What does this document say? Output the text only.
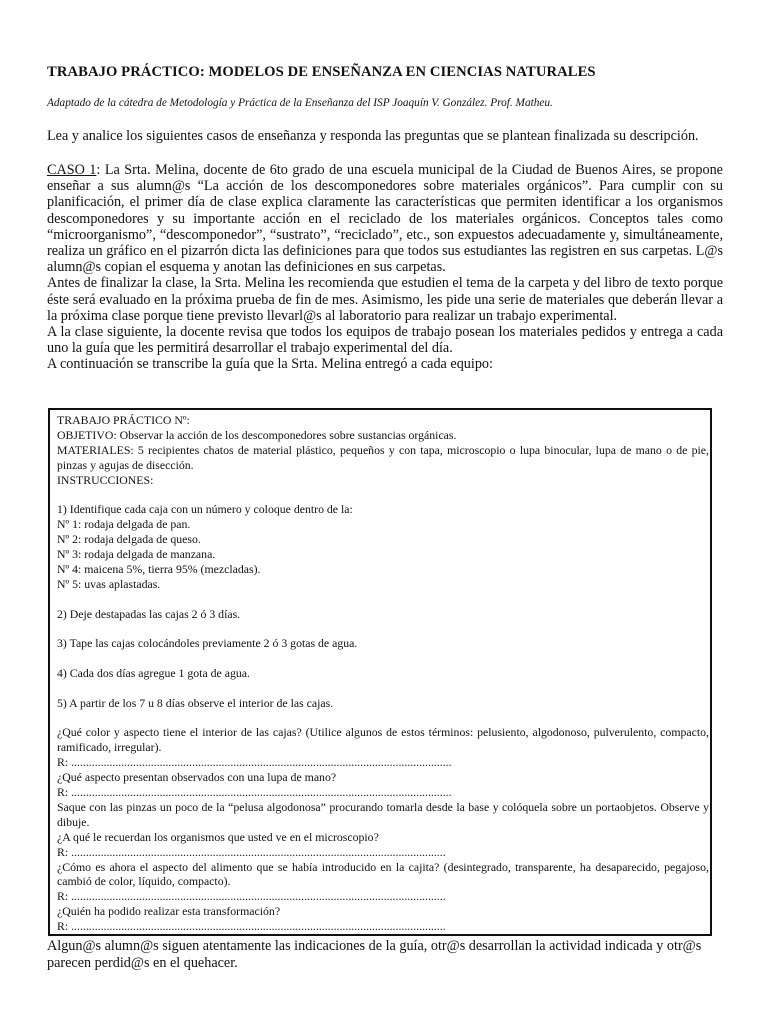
TRABAJO PRÁCTICO: MODELOS DE ENSEÑANZA EN CIENCIAS NATURALES
Adaptado de la cátedra de Metodología y Práctica de la Enseñanza del ISP Joaquín V. González. Prof. Matheu.
Lea y analice los siguientes casos de enseñanza y responda las preguntas que se plantean finalizada su descripción.

CASO 1: La Srta. Melina, docente de 6to grado de una escuela municipal de la Ciudad de Buenos Aires, se propone enseñar a sus alumn@s “La acción de los descomponedores sobre materiales orgánicos”. Para cumplir con su planificación, el primer día de clase explica claramente las características que permiten identificar a los organismos descomponedores y su importante acción en el reciclado de los materiales orgánicos. Conceptos tales como “microorganismo”, “descomponedor”, “sustrato”, “reciclado”, etc., son expuestos adecuadamente y, simultáneamente, realiza un gráfico en el pizarrón dicta las definiciones para que todos sus estudiantes las registren en sus carpetas. L@s alumn@s copian el esquema y anotan las definiciones en sus carpetas.

Antes de finalizar la clase, la Srta. Melina les recomienda que estudien el tema de la carpeta y del libro de texto porque éste será evaluado en la próxima prueba de fin de mes. Asimismo, les pide una serie de materiales que deberán llevar a la próxima clase porque tiene previsto llevarl@s al laboratorio para realizar un trabajo experimental.

A la clase siguiente, la docente revisa que todos los equipos de trabajo posean los materiales pedidos y entrega a cada uno la guía que les permitirá desarrollar el trabajo experimental del día.

A continuación se transcribe la guía que la Srta. Melina entregó a cada equipo:

TRABAJO PRÁCTICO Nº:
OBJETIVO: Observar la acción de los descomponedores sobre sustancias orgánicas.
MATERIALES: 5 recipientes chatos de material plástico, pequeños y con tapa, microscopio o lupa binocular, lupa de mano o de pie, pinzas y agujas de disección.
INSTRUCCIONES:
1) Identifique cada caja con un número y coloque dentro de la:
Nº 1: rodaja delgada de pan.
Nº 2: rodaja delgada de queso.
Nº 3: rodaja delgada de manzana.
Nº 4: maicena 5%, tierra 95% (mezcladas).
Nº 5: uvas aplastadas.
2) Deje destapadas las cajas 2 ó 3 días.
3) Tape las cajas colocándoles previamente 2 ó 3 gotas de agua.
4) Cada dos días agregue 1 gota de agua.
5) A partir de los 7 u 8 días observe el interior de las cajas.
¿Qué color y aspecto tiene el interior de las cajas? (Utilice algunos de estos términos: pelusiento, algodonoso, pulverulento, compacto, ramificado, irregular).
R: .................................................................................................................................
¿Qué aspecto presentan observados con una lupa de mano?
R: .................................................................................................................................
Saque con las pinzas un poco de la “pelusa algodonosa” procurando tomarla desde la base y colóquela sobre un portaobjetos. Observe y dibuje.
¿A qué le recuerdan los organismos que usted ve en el microscopio?
R: ...............................................................................................................................
¿Cómo es ahora el aspecto del alimento que se había introducido en la cajita? (desintegrado, transparente, ha desaparecido, pegajoso, cambió de color, líquido, compacto).
R: ...............................................................................................................................
¿Quién ha podido realizar esta transformación?
R: ...............................................................................................................................
Algun@s alumn@s siguen atentamente las indicaciones de la guía, otr@s desarrollan la actividad indicada y otr@s parecen perdid@s en el quehacer.
